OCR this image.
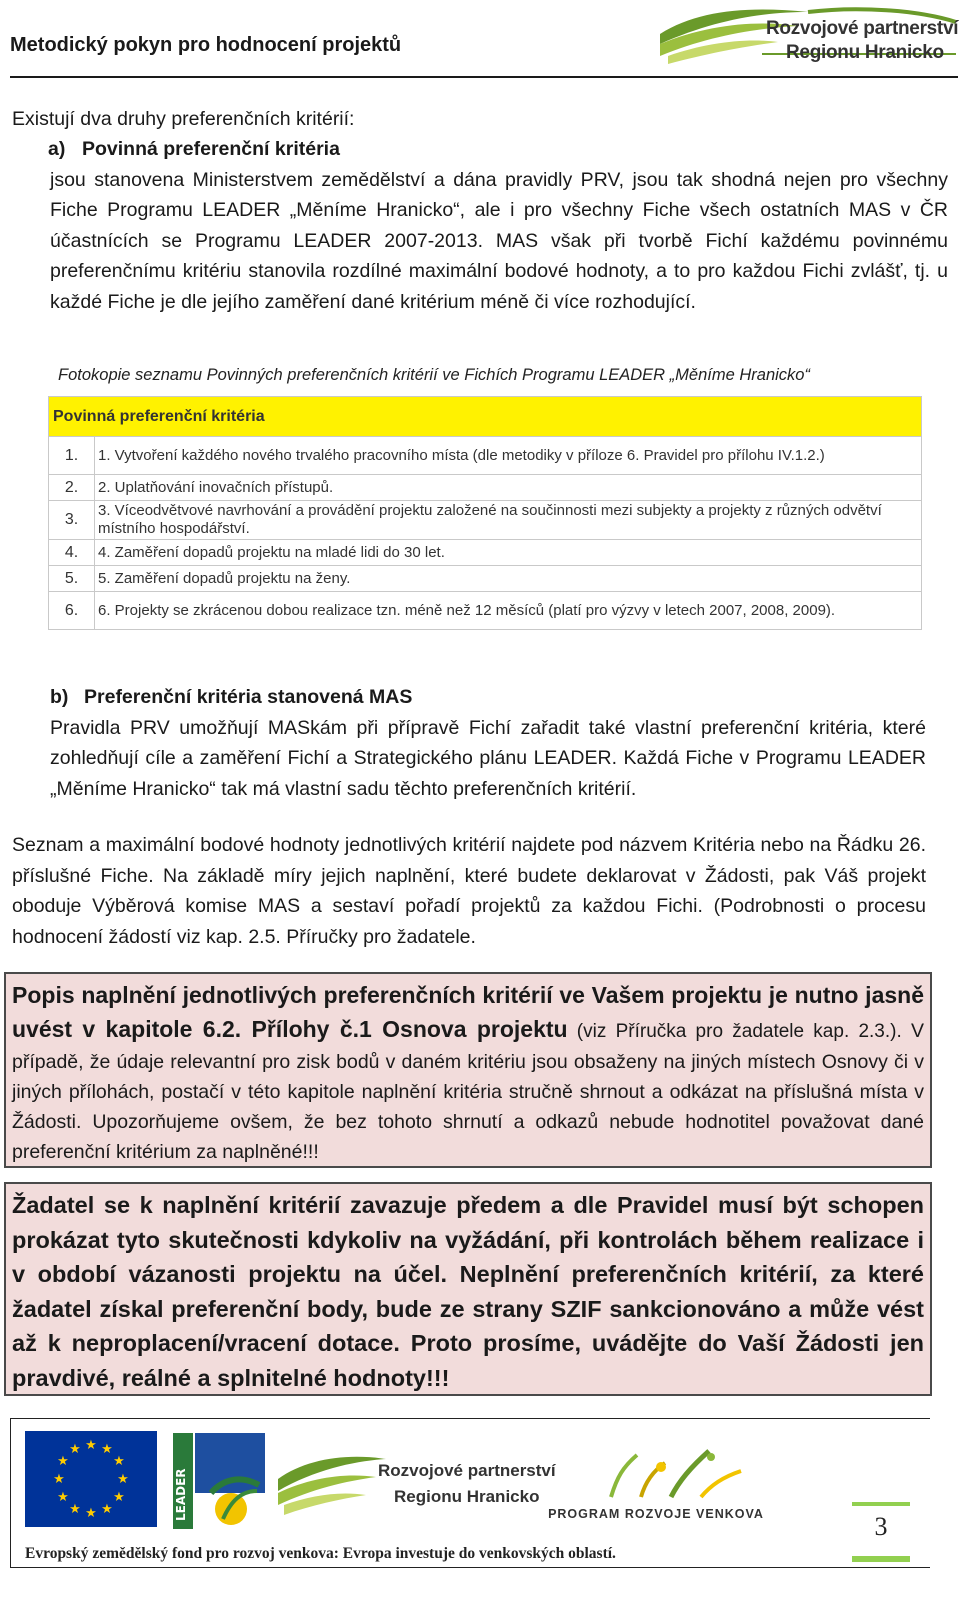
Metodický pokyn pro hodnocení projektů
Rozvojové partnerství
Regionu Hranicko
Existují dva druhy preferenčních kritérií:
a) Povinná preferenční kritéria
jsou stanovena Ministerstvem zemědělství a dána pravidly PRV, jsou tak shodná nejen pro všechny Fiche Programu LEADER „Měníme Hranicko“, ale i pro všechny Fiche všech ostatních MAS v ČR účastnících se Programu LEADER 2007-2013. MAS však při tvorbě Fichí každému povinnému preferenčnímu kritériu stanovila rozdílné maximální bodové hodnoty, a to pro každou Fichi zvlášť, tj. u každé Fiche je dle jejího zaměření dané kritérium méně či více rozhodující.
Fotokopie seznamu Povinných preferenčních kritérií ve Fichích Programu LEADER „Měníme Hranicko“
Povinná preferenční kritéria	
1.	1. Vytvoření každého nového trvalého pracovního místa (dle metodiky v příloze 6. Pravidel pro přílohu IV.1.2.)
2.	2. Uplatňování inovačních přístupů.
3.	3. Víceodvětvové navrhování a provádění projektu založené na součinnosti mezi subjekty a projekty z různých odvětví místního hospodářství.
4.	4. Zaměření dopadů projektu na mladé lidi do 30 let.
5.	5. Zaměření dopadů projektu na ženy.
6.	6. Projekty se zkrácenou dobou realizace tzn. méně než 12 měsíců (platí pro výzvy v letech 2007, 2008, 2009).
b) Preferenční kritéria stanovená MAS
Pravidla PRV umožňují MASkám při přípravě Fichí zařadit také vlastní preferenční kritéria, které zohledňují cíle a zaměření Fichí a Strategického plánu LEADER. Každá Fiche v Programu LEADER „Měníme Hranicko“ tak má vlastní sadu těchto preferenčních kritérií.
Seznam a maximální bodové hodnoty jednotlivých kritérií najdete pod názvem Kritéria nebo na Řádku 26. příslušné Fiche. Na základě míry jejich naplnění, které budete deklarovat v Žádosti, pak Váš projekt oboduje Výběrová komise MAS a sestaví pořadí projektů za každou Fichi. (Podrobnosti o procesu hodnocení žádostí viz kap. 2.5. Příručky pro žadatele.
Popis naplnění jednotlivých preferenčních kritérií ve Vašem projektu je nutno jasně uvést v kapitole 6.2. Přílohy č.1 Osnova projektu (viz Příručka pro žadatele kap. 2.3.). V případě, že údaje relevantní pro zisk bodů v daném kritériu jsou obsaženy na jiných místech Osnovy či v jiných přílohách, postačí v této kapitole naplnění kritéria stručně shrnout a odkázat na příslušná místa v Žádosti. Upozorňujeme ovšem, že bez tohoto shrnutí a odkazů nebude hodnotitel považovat dané preferenční kritérium za naplněné!!!
Žadatel se k naplnění kritérií zavazuje předem a dle Pravidel musí být schopen prokázat tyto skutečnosti kdykoliv na vyžádání, při kontrolách během realizace i v období vázanosti projektu na účel. Neplnění preferenčních kritérií, za které žadatel získal preferenční body, bude ze strany SZIF sankcionováno a může vést až k neproplacení/vracení dotace. Proto prosíme, uvádějte do Vaší Žádosti jen pravdivé, reálné a splnitelné hodnoty!!!
★ ★
★
★
★
★
★
★
★
★
★
★
LEADER	Rozvojové partnerství
Regionu Hranicko
PROGRAM ROZVOJE VENKOVA
Evropský zemědělský fond pro rozvoj venkova: Evropa investuje do venkovských oblastí.
3
